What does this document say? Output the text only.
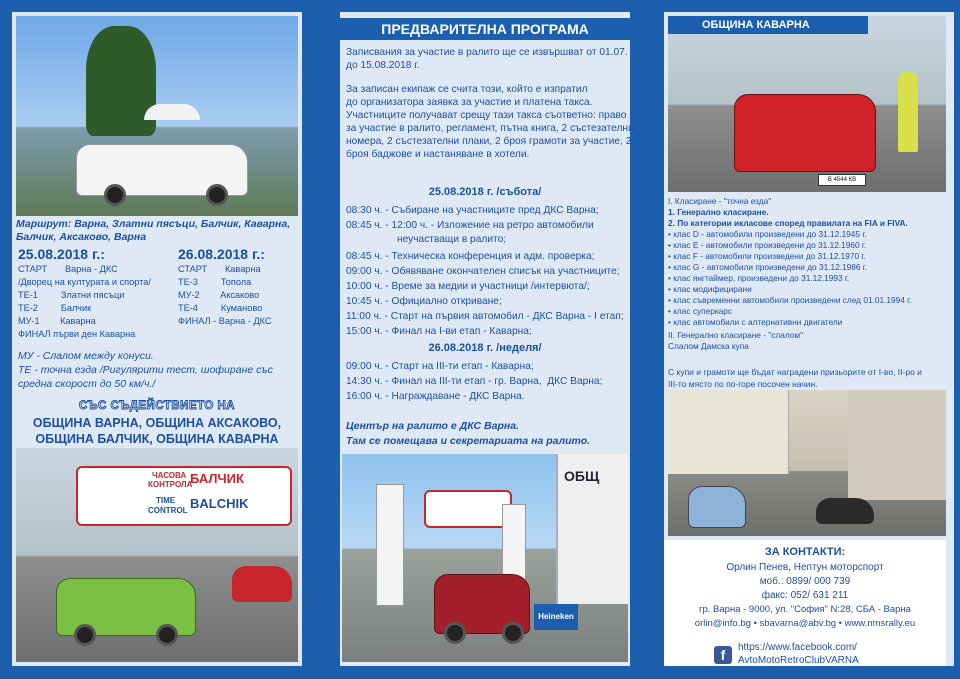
Маршрут: Варна, Златни пясъци, Балчик, Каварна,

Балчик, Аксаково, Варна

25.08.2018 г.:

СТАРТ       Варна - ДКС

/Дворец на културата и спорта/

ТЕ-1         Златни пясъци

ТЕ-2         Балчик

МУ-1        Каварна

ФИНАЛ първи ден Каварна

26.08.2018 г.:

СТАРТ       Каварна

ТЕ-3         Топола

МУ-2        Аксаково

ТЕ-4         Куманово

ФИНАЛ - Варна - ДКС

МУ - Слалом между конуси.

ТЕ - точна езда /Ригулярити тест, шофиране със

средна скорост до 50 км/ч./

СЪС СЪДЕЙСТВИЕТО НА

ОБЩИНА ВАРНА, ОБЩИНА АКСАКОВО,

ОБЩИНА БАЛЧИК, ОБЩИНА КАВАРНА

ЧАСОВА
КОНТРОЛА
БАЛЧИК
TIME
CONTROL BALCHIK
ПРЕДВАРИТЕЛНА ПРОГРАМА

Записвания за участие в ралито ще се извършват от 01.07.

до 15.08.2018 г.

За записан екипаж се счита този, който е изпратил

до организатора заявка за участие и платена такса.

Участниците получават срещу тази такса съответно: право

за участие в ралито, регламент, пътна книга, 2 състезателни

номера, 2 състезателни плаки, 2 броя грамоти за участие, 2

броя баджове и настаняване в хотели.

25.08.2018 г. /събота/

08:30 ч. - Събиране на участниците пред ДКС Варна;

08:45 ч. - 12:00 ч. - Изложение на ретро автомобили

неучастващи в ралито;

08:45 ч. - Техническа конференция и адм. проверка;

09:00 ч. - Обявяване окончателен списък на участниците;

10:00 ч. - Време за медии и участници /интервюта/;

10:45 ч. - Официално откриване;

11:00 ч. - Старт на първия автомобил - ДКС Варна - I етап;

15:00 ч. - Финал на I-ви етап - Каварна;

26.08.2018 г. /неделя/

09:00 ч. - Старт на III-ти етап - Каварна;

14:30 ч. - Финал на III-ти етап - гр. Варна,  ДКС Варна;

16:00 ч. - Награждаване - ДКС Варна.

Център на ралито е ДКС Варна.

Там се помещава и секретариата на ралито.

ОБЩ
Heineken
ОБЩИНА КАВАРНА
В 4544 КВ

I. Класиране - "точна езда"

1. Генерално класиране.

2. По категории икласове според правилата на FIA и FIVA.

• клас D - автомобили произведени до 31.12.1945 г.

• клас Е - автомобили произведени до 31.12.1960 г.

• клас F - автомобили произведени до 31.12.1970 г.

• клас G - автомобили произведени до 31.12.1986 г.

• клас янгтаймер, произведени до 31.12.1993 г.

• клас модифицирани

• клас съвременни автомобили произведени след 01.01.1994 г.

• клас суперкарс

• клас автомобили с алтернативни двигатели

II. Генерално класиране - "слалом"

Слалом Дамска купа

С купи и грамоти ще бъдат наградени призьорите от I-во, II-ро и

III-то място по по-горе посочен начин.

ЗА КОНТАКТИ:

Орлин Пенев, Нептун моторспорт

моб.: 0899/ 000 739

факс: 052/ 631 211

гр. Варна - 9000, ул. "София" N:28, СБА - Варна

orlin@info.bg • sbavarna@abv.bg • www.nmsrally.eu

f	https://www.facebook.com/

AvtoMotoRetroClubVARNA
